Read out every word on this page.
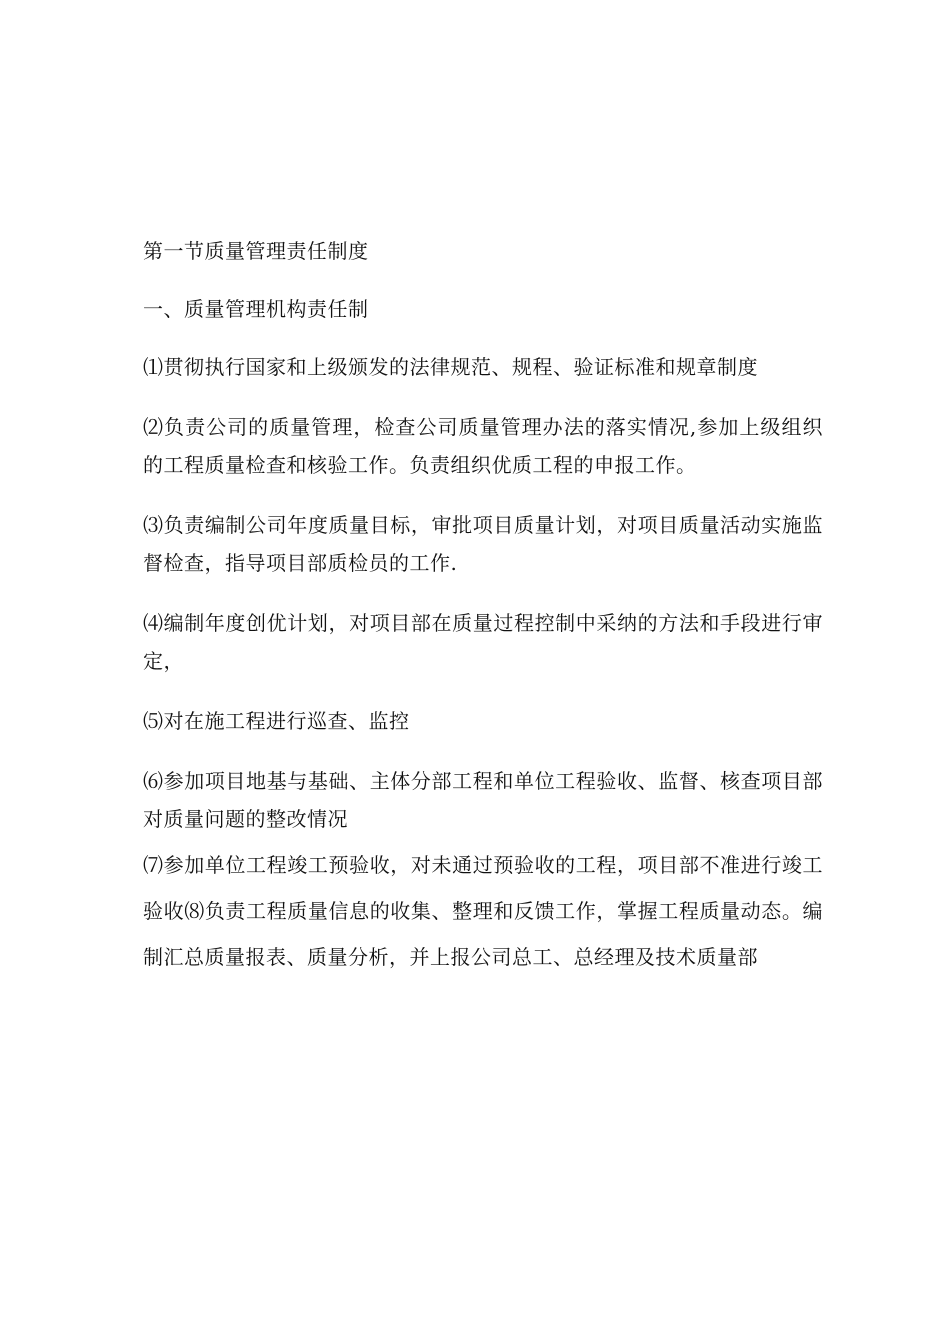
第一节质量管理责任制度

一、质量管理机构责任制

⑴贯彻执行国家和上级颁发的法律规范、规程、验证标准和规章制度

⑵负责公司的质量管理，检查公司质量管理办法的落实情况,参加上级组织的工程质量检查和核验工作。负责组织优质工程的申报工作。

⑶负责编制公司年度质量目标，审批项目质量计划，对项目质量活动实施监督检查，指导项目部质检员的工作.

⑷编制年度创优计划，对项目部在质量过程控制中采纳的方法和手段进行审定，

⑸对在施工程进行巡查、监控

⑹参加项目地基与基础、主体分部工程和单位工程验收、监督、核查项目部对质量问题的整改情况

⑺参加单位工程竣工预验收，对未通过预验收的工程，项目部不准进行竣工验收⑻负责工程质量信息的收集、整理和反馈工作，掌握工程质量动态。编制汇总质量报表、质量分析，并上报公司总工、总经理及技术质量部
